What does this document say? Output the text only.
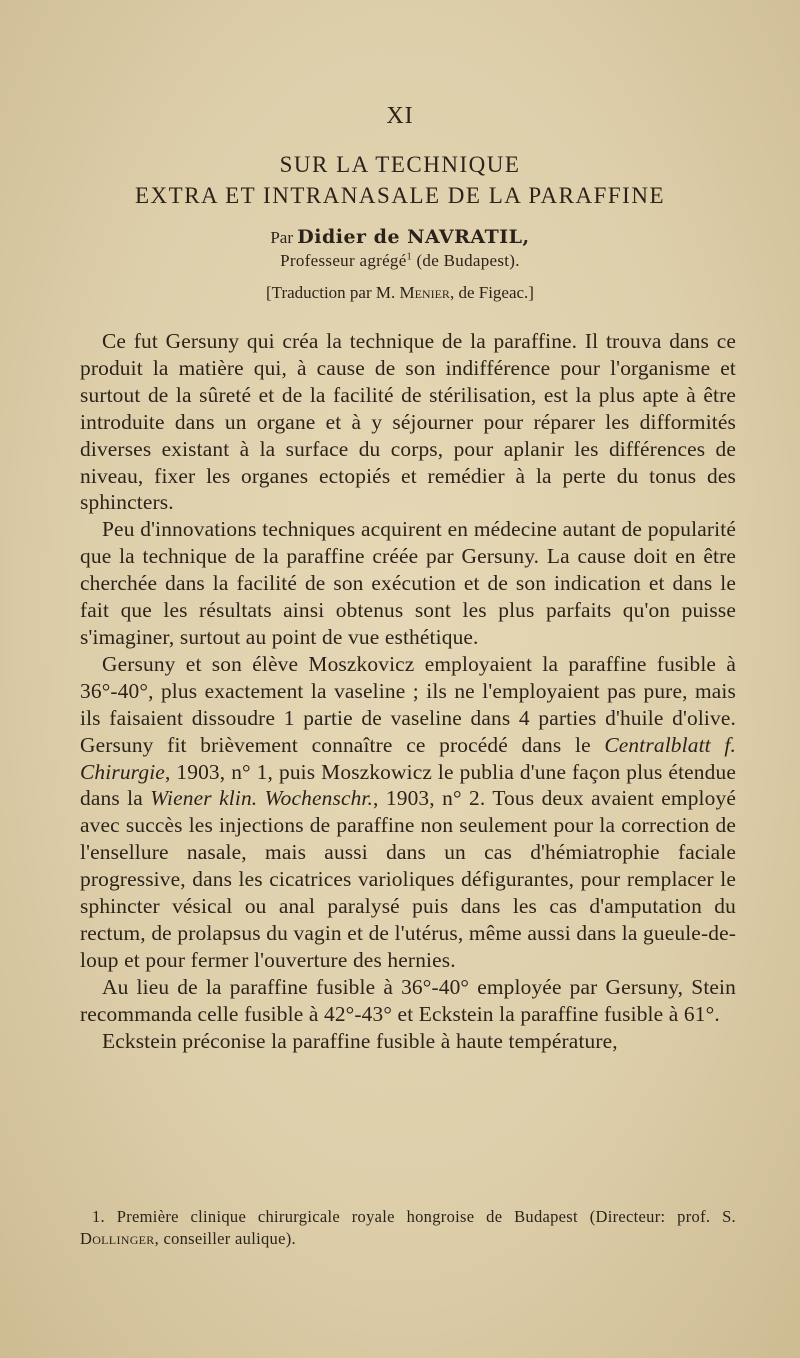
XI
SUR LA TECHNIQUE
EXTRA ET INTRANASALE DE LA PARAFFINE
Par Didier de NAVRATIL,
Professeur agrégé$^1$ (de Budapest).
[Traduction par M. Menier, de Figeac.]

Ce fut Gersuny qui créa la technique de la paraffine. Il trouva dans ce produit la matière qui, à cause de son indifférence pour l'organisme et surtout de la sûreté et de la facilité de stérilisation, est la plus apte à être introduite dans un organe et à y séjourner pour réparer les difformités diverses existant à la surface du corps, pour aplanir les différences de niveau, fixer les organes ectopiés et remédier à la perte du tonus des sphincters.

Peu d'innovations techniques acquirent en médecine autant de popularité que la technique de la paraffine créée par Gersuny. La cause doit en être cherchée dans la facilité de son exécution et de son indication et dans le fait que les résultats ainsi obtenus sont les plus parfaits qu'on puisse s'imaginer, surtout au point de vue esthétique.

Gersuny et son élève Moszkovicz employaient la paraffine fusible à 36°-40°, plus exactement la vaseline ; ils ne l'employaient pas pure, mais ils faisaient dissoudre 1 partie de vaseline dans 4 parties d'huile d'olive. Gersuny fit brièvement connaître ce procédé dans le Centralblatt f. Chirurgie, 1903, n° 1, puis Moszkowicz le publia d'une façon plus étendue dans la Wiener klin. Wochenschr., 1903, n° 2. Tous deux avaient employé avec succès les injections de paraffine non seulement pour la correction de l'ensellure nasale, mais aussi dans un cas d'hémiatrophie faciale progressive, dans les cicatrices varioliques défigurantes, pour remplacer le sphincter vésical ou anal paralysé puis dans les cas d'amputation du rectum, de prolapsus du vagin et de l'utérus, même aussi dans la gueule-de-loup et pour fermer l'ouverture des hernies.

Au lieu de la paraffine fusible à 36°-40° employée par Gersuny, Stein recommanda celle fusible à 42°-43° et Eckstein la paraffine fusible à 61°.

Eckstein préconise la paraffine fusible à haute température,

1. Première clinique chirurgicale royale hongroise de Budapest (Directeur: prof. S. Dollinger, conseiller aulique).
